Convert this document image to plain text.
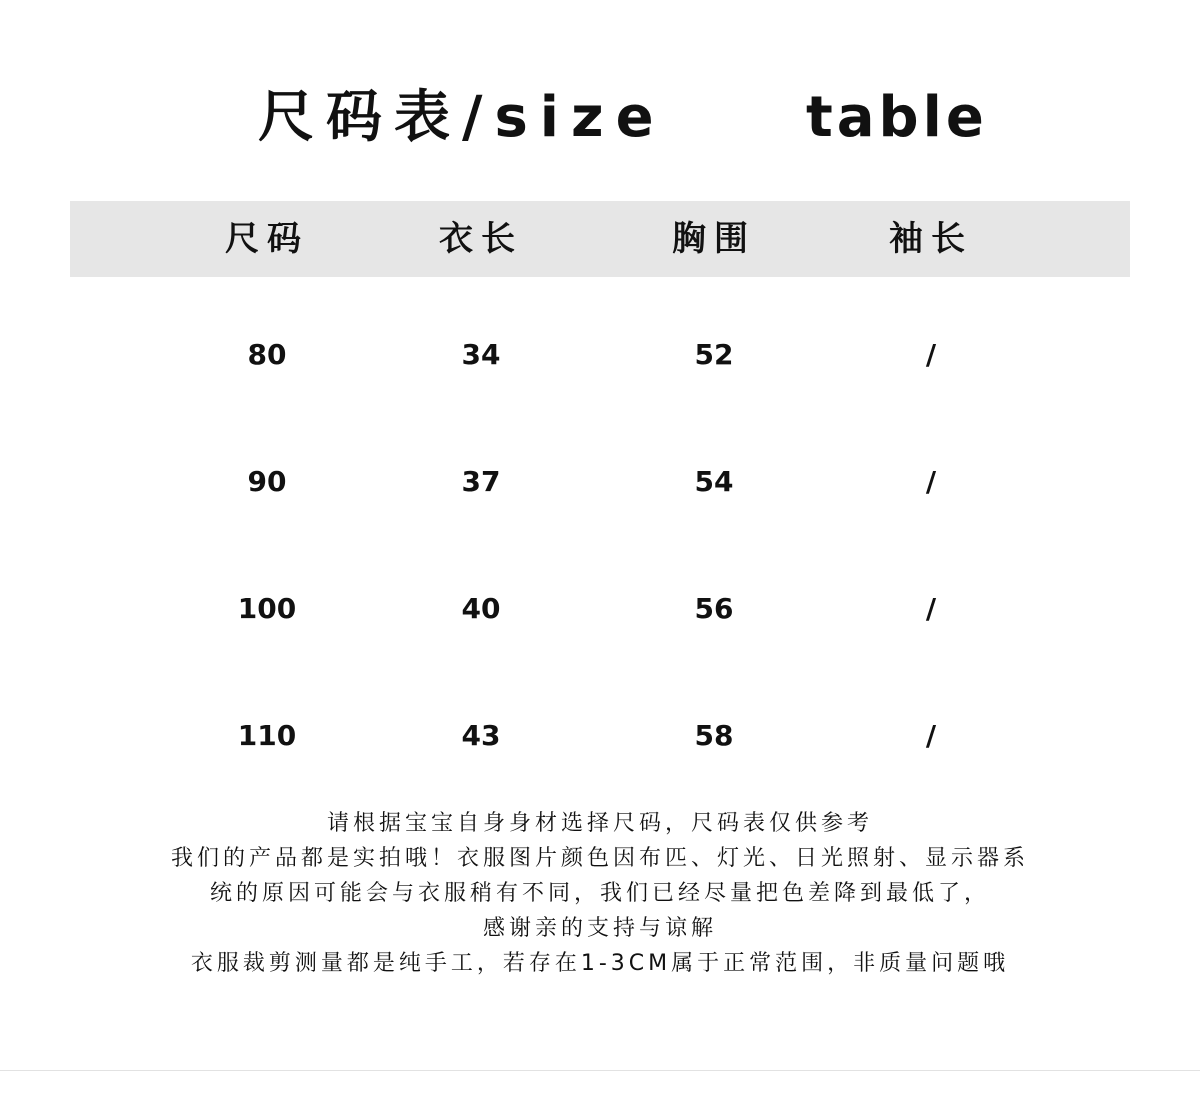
尺码表/size	table
尺码	衣长	胸围	袖长
80	34	52	/
90	37	54	/
100	40	56	/
110	43	58	/
请根据宝宝自身身材选择尺码，尺码表仅供参考
我们的产品都是实拍哦！衣服图片颜色因布匹、灯光、日光照射、显示器系
统的原因可能会与衣服稍有不同，我们已经尽量把色差降到最低了，
感谢亲的支持与谅解
衣服裁剪测量都是纯手工，若存在1-3CM属于正常范围，非质量问题哦
